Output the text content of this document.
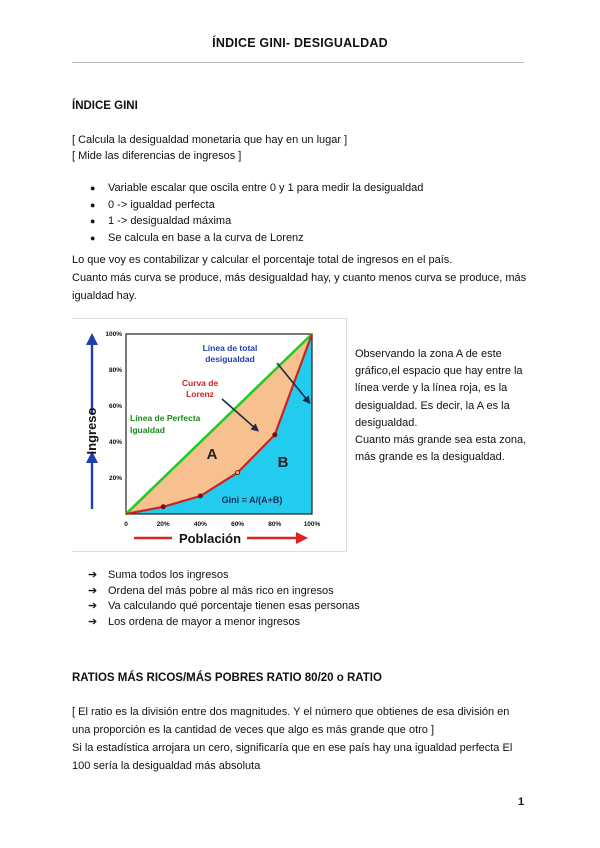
ÍNDICE GINI- DESIGUALDAD
ÍNDICE GINI
[ Calcula la desigualdad monetaria que hay en un lugar ]
[ Mide las diferencias de ingresos ]
●	Variable escalar que oscila entre 0 y 1 para medir la desigualdad
●	0 -> igualdad perfecta
●	1 -> desigualdad máxima
●	Se calcula en base a la curva de Lorenz
Lo que voy es contabilizar y calcular el porcentaje total de ingresos en el país.
Cuanto más curva se produce, más desigualdad hay, y cuanto menos curva se produce, más
igualdad hay.
0	20%	40%	60%	80%	100%
20%
40%
60%
80%
100%
Ingreso
Población
Línea de total
desigualdad
Curva de
Lorenz
Línea de Perfecta
Igualdad
A	B
Gini = A/(A+B)
Observando la zona A de este
gráfico,el espacio que hay entre la
línea verde y la línea roja, es la
desigualdad. Es decir, la A es la
desigualdad.
Cuanto más grande sea esta zona,
más grande es la desigualdad.
➔ Suma todos los ingresos
➔ Ordena del más pobre al más rico en ingresos
➔ Va calculando qué porcentaje tienen esas personas
➔ Los ordena de mayor a menor ingresos
RATIOS MÁS RICOS/MÁS POBRES RATIO 80/20 o RATIO
[ El ratio es la división entre dos magnitudes. Y el número que obtienes de esa división en
una proporción es la cantidad de veces que algo es más grande que otro ]
Si la estadística arrojara un cero, significaría que en ese país hay una igualdad perfecta El
100 sería la desigualdad más absoluta
1
